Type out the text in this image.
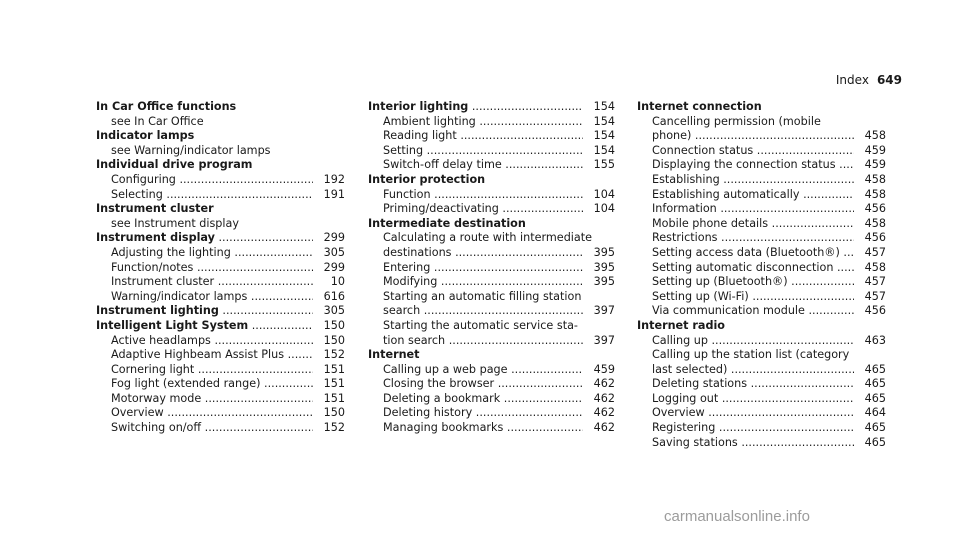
Index 649
In Car Office functions
see In Car Office
Indicator lamps
see Warning/indicator lamps
Individual drive program
Configuring .....	192
Selecting .....	191
Instrument cluster
see Instrument display
Instrument display .....	299
Adjusting the lighting .....	305
Function/notes .....	299
Instrument cluster .....	10
Warning/indicator lamps .....	616
Instrument lighting .....	305
Intelligent Light System .....	150
Active headlamps .....	150
Adaptive Highbeam Assist Plus .....	152
Cornering light .....	151
Fog light (extended range) .....	151
Motorway mode .....	151
Overview .....	150
Switching on/off .....	152
Interior lighting .....	154
Ambient lighting .....	154
Reading light .....	154
Setting .....	154
Switch-off delay time .....	155
Interior protection
Function .....	104
Priming/deactivating .....	104
Intermediate destination
Calculating a route with intermediate
destinations .....	395
Entering .....	395
Modifying .....	395
Starting an automatic filling station
search .....	397
Starting the automatic service sta-
tion search .....	397
Internet
Calling up a web page .....	459
Closing the browser .....	462
Deleting a bookmark .....	462
Deleting history .....	462
Managing bookmarks .....	462
Internet connection
Cancelling permission (mobile
phone) .....	458
Connection status .....	459
Displaying the connection status .....	459
Establishing .....	458
Establishing automatically .....	458
Information .....	456
Mobile phone details .....	458
Restrictions .....	456
Setting access data (Bluetooth®) .....	457
Setting automatic disconnection .....	458
Setting up (Bluetooth®) .....	457
Setting up (Wi-Fi) .....	457
Via communication module .....	456
Internet radio
Calling up .....	463
Calling up the station list (category
last selected) .....	465
Deleting stations .....	465
Logging out .....	465
Overview .....	464
Registering .....	465
Saving stations .....	465
carmanualsonline.info
